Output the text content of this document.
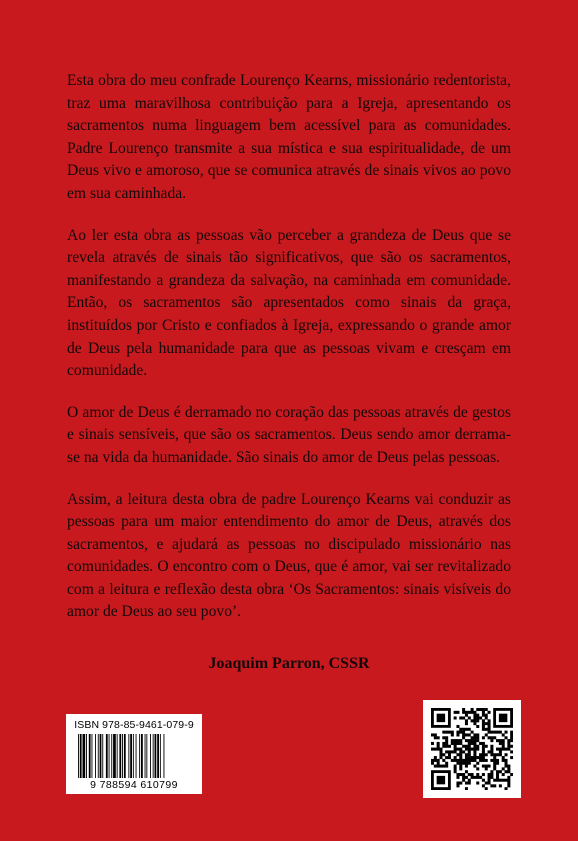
Esta obra do meu confrade Lourenço Kearns, missionário redentorista, traz uma maravilhosa contribuição para a Igreja, apresentando os sacramentos numa linguagem bem acessível para as comunidades. Padre Lourenço transmite a sua mística e sua espiritualidade, de um Deus vivo e amoroso, que se comunica através de sinais vivos ao povo em sua caminhada.

Ao ler esta obra as pessoas vão perceber a grandeza de Deus que se revela através de sinais tão significativos, que são os sacramentos, manifestando a grandeza da salvação, na caminhada em comunidade. Então, os sacramentos são apresentados como sinais da graça, instituídos por Cristo e confiados à Igreja, expressando o grande amor de Deus pela humanidade para que as pessoas vivam e cresçam em comunidade.

O amor de Deus é derramado no coração das pessoas através de gestos e sinais sensíveis, que são os sacramentos. Deus sendo amor derrama-se na vida da humanidade. São sinais do amor de Deus pelas pessoas.

Assim, a leitura desta obra de padre Lourenço Kearns vai conduzir as pessoas para um maior entendimento do amor de Deus, através dos sacramentos, e ajudará as pessoas no discipulado missionário nas comunidades. O encontro com o Deus, que é amor, vai ser revitalizado com a leitura e reflexão desta obra ‘Os Sacramentos: sinais visíveis do amor de Deus ao seu povo’.

Joaquim Parron, CSSR
ISBN 978-85-9461-079-9
9 788594 610799
